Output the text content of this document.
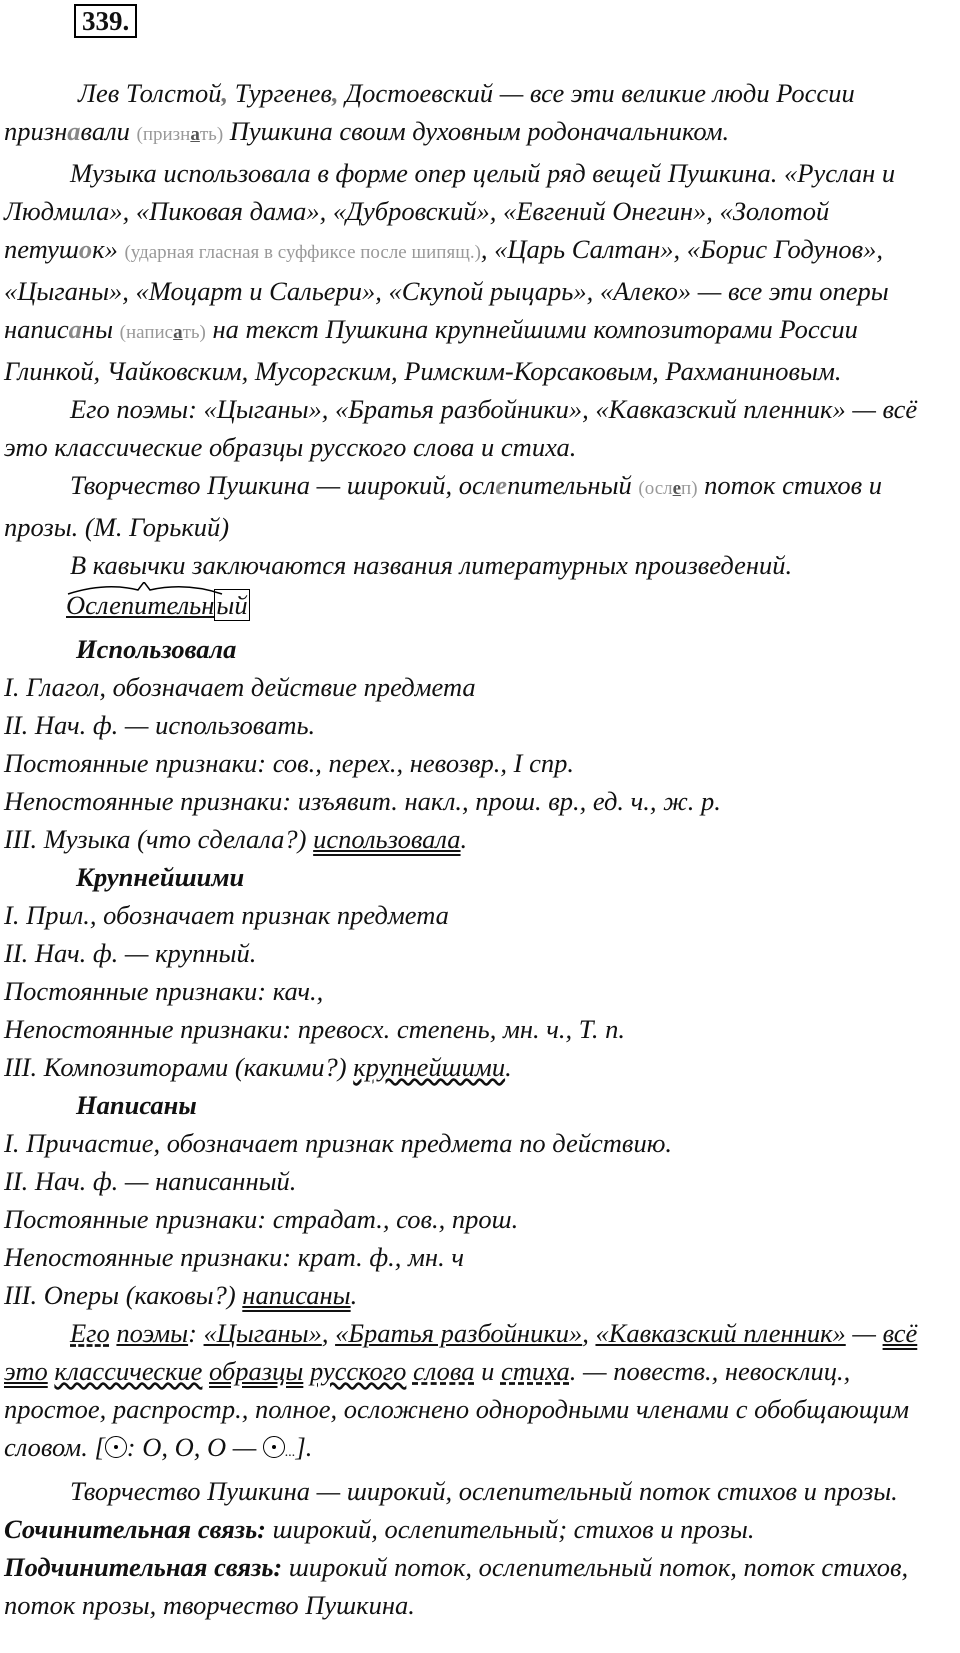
339.

Лев Толстой, Тургенев, Достоевский — все эти великие люди России признавали (признать) Пушкина своим духовным родоначальником.

Музыка использовала в форме опер целый ряд вещей Пушкина. «Руслан и Людмила», «Пиковая дама», «Дубровский», «Евгений Онегин», «Золотой петушок» (ударная гласная в суффиксе после шипящ.), «Царь Салтан», «Борис Годунов», «Цыганы», «Моцарт и Сальери», «Скупой рыцарь», «Алеко» — все эти оперы написаны (написать) на текст Пушкина крупнейшими композиторами России Глинкой, Чайковским, Мусоргским, Римским-Корсаковым, Рахманиновым.

Его поэмы: «Цыганы», «Братья разбойники», «Кавказский пленник» — всё это классические образцы русского слова и стиха.

Творчество Пушкина — широкий, ослепительный (ослеп) поток стихов и прозы. (М. Горький)

В кавычки заключаются названия литературных произведений.

Ослепительный

Использовала

I. Глагол, обозначает действие предмета

II. Нач. ф. — использовать.

Постоянные признаки: сов., перех., невозвр., I спр.

Непостоянные признаки: изъявит. накл., прош. вр., ед. ч., ж. р.

III. Музыка (что сделала?) использовала.

Крупнейшими

I. Прил., обозначает признак предмета

II. Нач. ф. — крупный.

Постоянные признаки: кач.,

Непостоянные признаки: превосх. степень, мн. ч., Т. п.

III. Композиторами (какими?) крупнейшими.

Написаны

I. Причастие, обозначает признак предмета по действию.

II. Нач. ф. — написанный.

Постоянные признаки: страдат., сов., прош.

Непостоянные признаки: крат. ф., мн. ч

III. Оперы (каковы?) написаны.

Его поэмы: «Цыганы», «Братья разбойники», «Кавказский пленник» — всё это классические образцы русского слова и стиха. — повеств., невосклиц., простое, распростр., полное, осложнено однородными членами с обобщающим словом. [ : О, О, О — ...].

Творчество Пушкина — широкий, ослепительный поток стихов и прозы. Сочинительная связь: широкий, ослепительный; стихов и прозы.

Подчинительная связь: широкий поток, ослепительный поток, поток стихов, поток прозы, творчество Пушкина.
